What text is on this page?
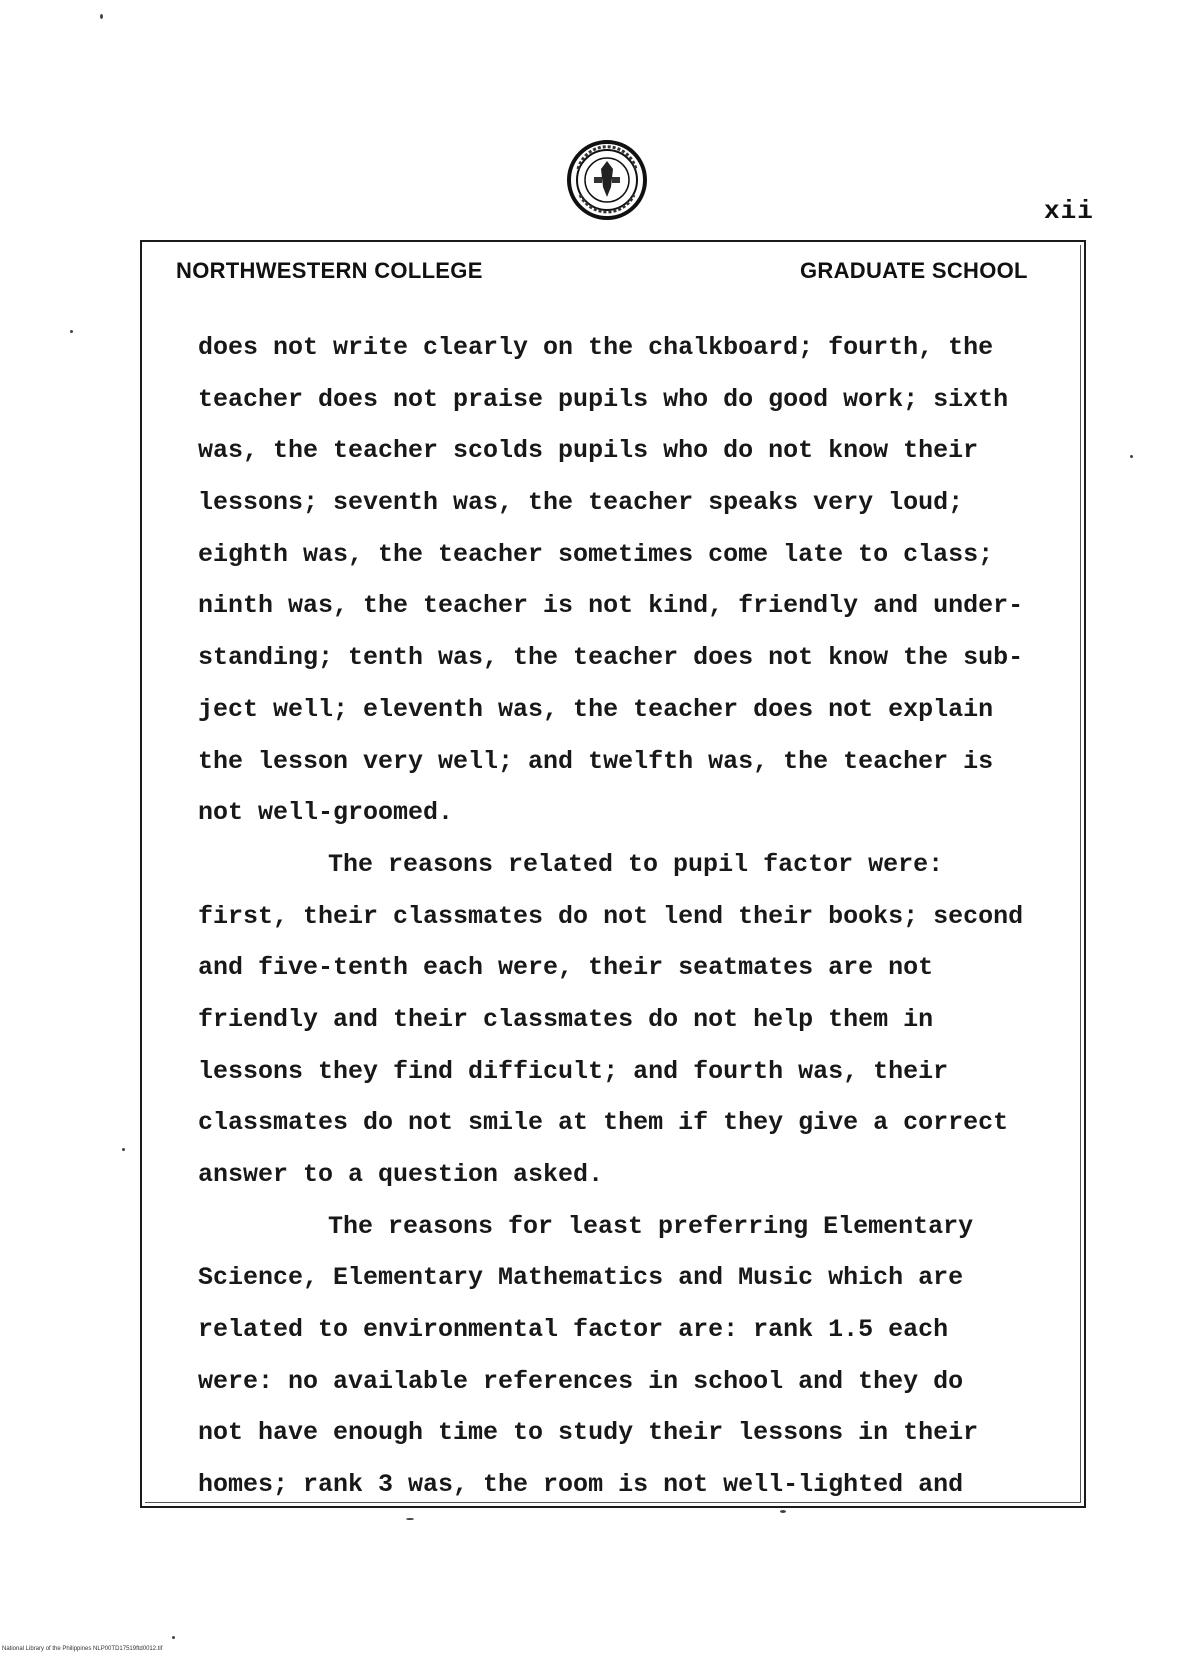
xii
NORTHWESTERN COLLEGE	GRADUATE SCHOOL
does not write clearly on the chalkboard; fourth, the
teacher does not praise pupils who do good work; sixth
was, the teacher scolds pupils who do not know their
lessons; seventh was, the teacher speaks very loud;
eighth was, the teacher sometimes come late to class;
ninth was, the teacher is not kind, friendly and under-
standing; tenth was, the teacher does not know the sub-
ject well; eleventh was, the teacher does not explain
the lesson very well; and twelfth was, the teacher is
not well-groomed.
The reasons related to pupil factor were:
first, their classmates do not lend their books; second
and five-tenth each were, their seatmates are not
friendly and their classmates do not help them in
lessons they find difficult; and fourth was, their
classmates do not smile at them if they give a correct
answer to a question asked.
The reasons for least preferring Elementary
Science, Elementary Mathematics and Music which are
related to environmental factor are: rank 1.5 each
were: no available references in school and they do
not have enough time to study their lessons in their
homes; rank 3 was, the room is not well-lighted and
National Library of the Philippines NLP00TD17519ftd0012.tif
